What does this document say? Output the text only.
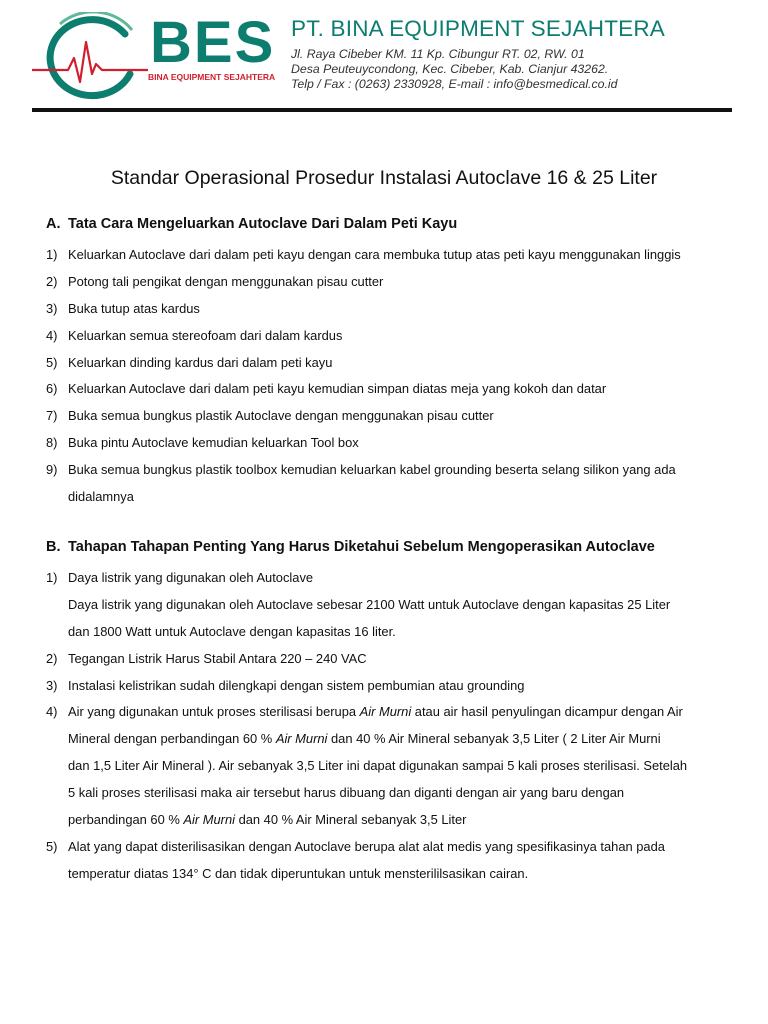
BES
BINA EQUIPMENT SEJAHTERA
PT. BINA EQUIPMENT SEJAHTERA
Jl. Raya Cibeber KM. 11 Kp. Cibungur RT. 02, RW. 01
Desa Peuteuycondong, Kec. Cibeber, Kab. Cianjur 43262.
Telp / Fax : (0263) 2330928, E-mail : info@besmedical.co.id
Standar Operasional Prosedur Instalasi Autoclave 16 & 25 Liter
A. Tata Cara Mengeluarkan Autoclave Dari Dalam Peti Kayu
1) Keluarkan Autoclave dari dalam peti kayu dengan cara membuka tutup atas peti kayu menggunakan linggis
2) Potong tali pengikat dengan menggunakan pisau cutter
3) Buka tutup atas kardus
4) Keluarkan semua stereofoam dari dalam kardus
5) Keluarkan dinding kardus dari dalam peti kayu
6) Keluarkan Autoclave dari dalam peti kayu kemudian simpan diatas meja yang kokoh dan datar
7) Buka semua bungkus plastik Autoclave dengan menggunakan pisau cutter
8) Buka pintu Autoclave kemudian keluarkan Tool box
9) Buka semua bungkus plastik toolbox kemudian keluarkan kabel grounding beserta selang silikon yang ada
didalamnya
B. Tahapan Tahapan Penting Yang Harus Diketahui Sebelum Mengoperasikan Autoclave
1) Daya listrik yang digunakan oleh Autoclave
Daya listrik yang digunakan oleh Autoclave sebesar 2100 Watt untuk Autoclave dengan kapasitas 25 Liter
dan 1800 Watt untuk Autoclave dengan kapasitas 16 liter.
2) Tegangan Listrik Harus Stabil Antara 220 – 240 VAC
3) Instalasi kelistrikan sudah dilengkapi dengan sistem pembumian atau grounding
4) Air yang digunakan untuk proses sterilisasi berupa Air Murni atau air hasil penyulingan dicampur dengan Air
Mineral dengan perbandingan 60 % Air Murni dan 40 % Air Mineral sebanyak 3,5 Liter ( 2 Liter Air Murni
dan 1,5 Liter Air Mineral ). Air sebanyak 3,5 Liter ini dapat digunakan sampai 5 kali proses sterilisasi. Setelah
5 kali proses sterilisasi maka air tersebut harus dibuang dan diganti dengan air yang baru dengan
perbandingan 60 % Air Murni dan 40 % Air Mineral sebanyak 3,5 Liter
5) Alat yang dapat disterilisasikan dengan Autoclave berupa alat alat medis yang spesifikasinya tahan pada
temperatur diatas 134° C dan tidak diperuntukan untuk mensterililsasikan cairan.
